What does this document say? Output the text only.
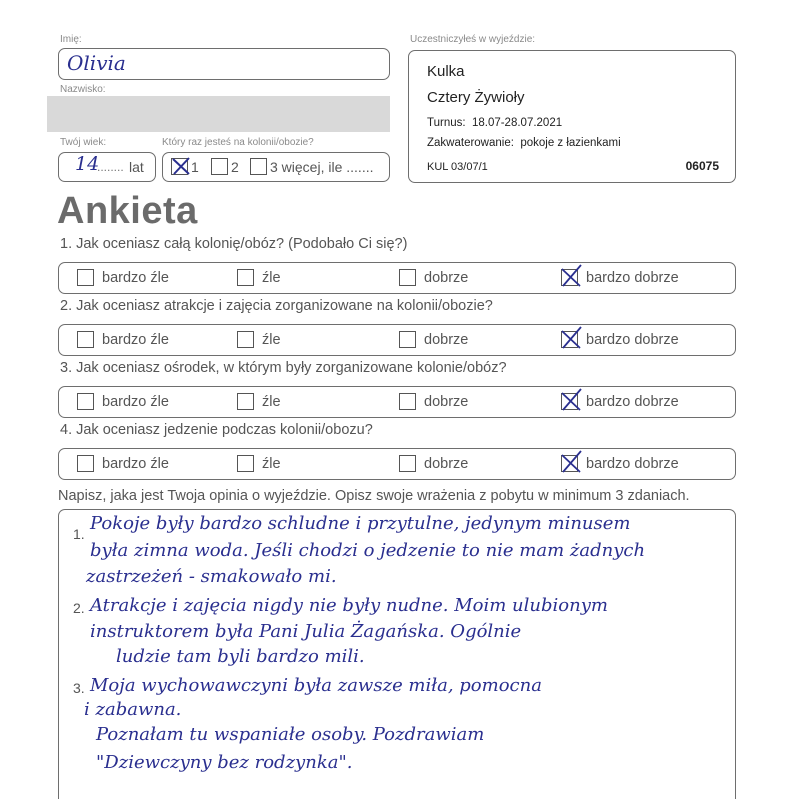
Imię:
Olivia
Nazwisko:
Twój wiek:
14
........ lat
Który raz jesteś na kolonii/obozie?
1 2 3 więcej, ile .......
Uczestniczyłeś w wyjeździe:
Kulka
Cztery Żywioły
Turnus: 18.07-28.07.2021
Zakwaterowanie: pokoje z łazienkami
KUL 03/07/1	06075
Ankieta
1. Jak oceniasz całą kolonię/obóz? (Podobało Ci się?)
bardzo źle	źle	dobrze	bardzo dobrze
2. Jak oceniasz atrakcje i zajęcia zorganizowane na kolonii/obozie?
bardzo źle	źle	dobrze	bardzo dobrze
3. Jak oceniasz ośrodek, w którym były zorganizowane kolonie/obóz?
bardzo źle	źle	dobrze	bardzo dobrze
4. Jak oceniasz jedzenie podczas kolonii/obozu?
bardzo źle	źle	dobrze	bardzo dobrze
Napisz, jaka jest Twoja opinia o wyjeździe. Opisz swoje wrażenia z pobytu w minimum 3 zdaniach.
1.
2.
3.
Pokoje były bardzo schludne i przytulne, jedynym minusem
była zimna woda. Jeśli chodzi o jedzenie to nie mam żadnych
zastrzeżeń - smakowało mi.
Atrakcje i zajęcia nigdy nie były nudne. Moim ulubionym
instruktorem była Pani Julia Żagańska. Ogólnie
ludzie tam byli bardzo mili.
Moja wychowawczyni była zawsze miła, pomocna
i zabawna.
Poznałam tu wspaniałe osoby. Pozdrawiam
"Dziewczyny bez rodzynka".
